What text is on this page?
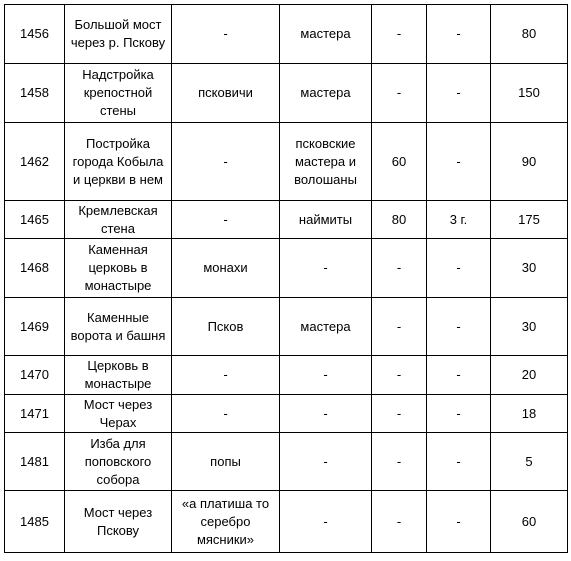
1456	Большой мост через р. Пскову	-	мастера	-	-	80
1458	Надстройка крепостной стены	псковичи	мастера	-	-	150
1462	Постройка города Кобыла и церкви в нем	-	псковские мастера и волошаны	60	-	90
1465	Кремлевская стена	-	наймиты	80	3 г.	175
1468	Каменная церковь в монастыре	монахи	-	-	-	30
1469	Каменные ворота и башня	Псков	мастера	-	-	30
1470	Церковь в монастыре	-	-	-	-	20
1471	Мост через Черах	-	-	-	-	18
1481	Изба для поповского собора	попы	-	-	-	5
1485	Мост через Пскову	«а платиша то серебро мясники»	-	-	-	60
